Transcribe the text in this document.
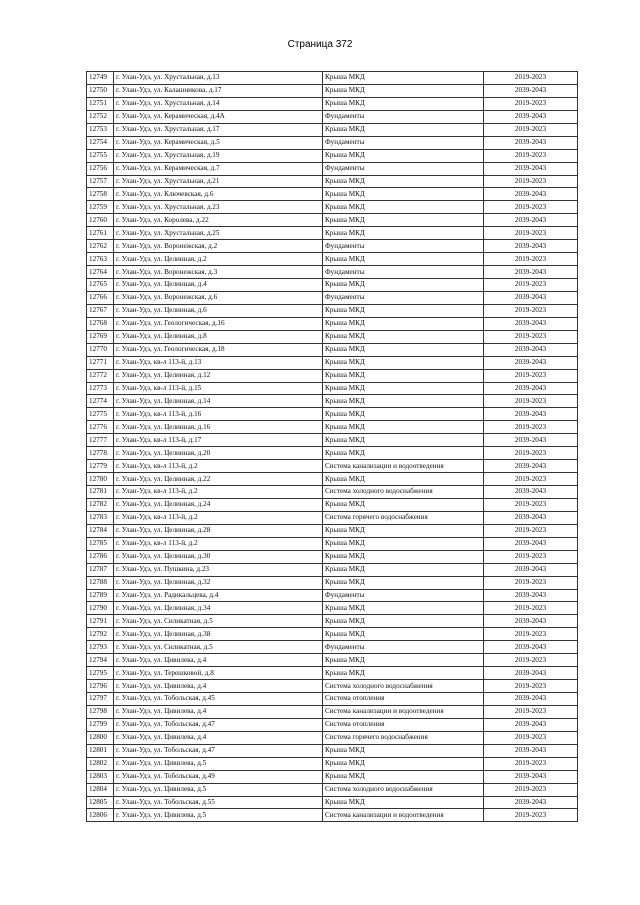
Страница 372
12749	г. Улан-Удэ, ул. Хрустальная, д.13	Крыша МКД	2019-2023
12750	г. Улан-Удэ, ул. Калашникова, д.17	Крыша МКД	2039-2043
12751	г. Улан-Удэ, ул. Хрустальная, д.14	Крыша МКД	2019-2023
12752	г. Улан-Удэ, ул. Керамическая, д.4А	Фундаменты	2039-2043
12753	г. Улан-Удэ, ул. Хрустальная, д.17	Крыша МКД	2019-2023
12754	г. Улан-Удэ, ул. Керамическая, д.5	Фундаменты	2039-2043
12755	г. Улан-Удэ, ул. Хрустальная, д.19	Крыша МКД	2019-2023
12756	г. Улан-Удэ, ул. Керамическая, д.7	Фундаменты	2039-2043
12757	г. Улан-Удэ, ул. Хрустальная, д.21	Крыша МКД	2019-2023
12758	г. Улан-Удэ, ул. Ключевская, д.6	Крыша МКД	2039-2043
12759	г. Улан-Удэ, ул. Хрустальная, д.23	Крыша МКД	2019-2023
12760	г. Улан-Удэ, ул. Королева, д.22	Крыша МКД	2039-2043
12761	г. Улан-Удэ, ул. Хрустальная, д.25	Крыша МКД	2019-2023
12762	г. Улан-Удэ, ул. Воронежская, д.2	Фундаменты	2039-2043
12763	г. Улан-Удэ, ул. Целинная, д.2	Крыша МКД	2019-2023
12764	г. Улан-Удэ, ул. Воронежская, д.3	Фундаменты	2039-2043
12765	г. Улан-Удэ, ул. Целинная, д.4	Крыша МКД	2019-2023
12766	г. Улан-Удэ, ул. Воронежская, д.6	Фундаменты	2039-2043
12767	г. Улан-Удэ, ул. Целинная, д.6	Крыша МКД	2019-2023
12768	г. Улан-Удэ, ул. Геологическая, д.16	Крыша МКД	2039-2043
12769	г. Улан-Удэ, ул. Целинная, д.8	Крыша МКД	2019-2023
12770	г. Улан-Удэ, ул. Геологическая, д.18	Крыша МКД	2039-2043
12771	г. Улан-Удэ, кв-л 113-й, д.13	Крыша МКД	2039-2043
12772	г. Улан-Удэ, ул. Целинная, д.12	Крыша МКД	2019-2023
12773	г. Улан-Удэ, кв-л 113-й, д.15	Крыша МКД	2039-2043
12774	г. Улан-Удэ, ул. Целинная, д.14	Крыша МКД	2019-2023
12775	г. Улан-Удэ, кв-л 113-й, д.16	Крыша МКД	2039-2043
12776	г. Улан-Удэ, ул. Целинная, д.16	Крыша МКД	2019-2023
12777	г. Улан-Удэ, кв-л 113-й, д.17	Крыша МКД	2039-2043
12778	г. Улан-Удэ, ул. Целинная, д.20	Крыша МКД	2019-2023
12779	г. Улан-Удэ, кв-л 113-й, д.2	Система канализации и водоотведения	2039-2043
12780	г. Улан-Удэ, ул. Целинная, д.22	Крыша МКД	2019-2023
12781	г. Улан-Удэ, кв-л 113-й, д.2	Система холодного водоснабжения	2039-2043
12782	г. Улан-Удэ, ул. Целинная, д.24	Крыша МКД	2019-2023
12783	г. Улан-Удэ, кв-л 113-й, д.2	Система горячего водоснабжения	2039-2043
12784	г. Улан-Удэ, ул. Целинная, д.28	Крыша МКД	2019-2023
12785	г. Улан-Удэ, кв-л 113-й, д.2	Крыша МКД	2039-2043
12786	г. Улан-Удэ, ул. Целинная, д.30	Крыша МКД	2019-2023
12787	г. Улан-Удэ, ул. Пушкина, д.23	Крыша МКД	2039-2043
12788	г. Улан-Удэ, ул. Целинная, д.32	Крыша МКД	2019-2023
12789	г. Улан-Удэ, ул. Радикальцева, д.4	Фундаменты	2039-2043
12790	г. Улан-Удэ, ул. Целинная, д.34	Крыша МКД	2019-2023
12791	г. Улан-Удэ, ул. Силикатная, д.5	Крыша МКД	2039-2043
12792	г. Улан-Удэ, ул. Целинная, д.38	Крыша МКД	2019-2023
12793	г. Улан-Удэ, ул. Силикатная, д.5	Фундаменты	2039-2043
12794	г. Улан-Удэ, ул. Цивилева, д.4	Крыша МКД	2019-2023
12795	г. Улан-Удэ, ул. Терешковой, д.8	Крыша МКД	2039-2043
12796	г. Улан-Удэ, ул. Цивилева, д.4	Система холодного водоснабжения	2019-2023
12797	г. Улан-Удэ, ул. Тобольская, д.45	Система отопления	2039-2043
12798	г. Улан-Удэ, ул. Цивилева, д.4	Система канализации и водоотведения	2019-2023
12799	г. Улан-Удэ, ул. Тобольская, д.47	Система отопления	2039-2043
12800	г. Улан-Удэ, ул. Цивилева, д.4	Система горячего водоснабжения	2019-2023
12801	г. Улан-Удэ, ул. Тобольская, д.47	Крыша МКД	2039-2043
12802	г. Улан-Удэ, ул. Цивилева, д.5	Крыша МКД	2019-2023
12803	г. Улан-Удэ, ул. Тобольская, д.49	Крыша МКД	2039-2043
12804	г. Улан-Удэ, ул. Цивилева, д.5	Система холодного водоснабжения	2019-2023
12805	г. Улан-Удэ, ул. Тобольская, д.55	Крыша МКД	2039-2043
12806	г. Улан-Удэ, ул. Цивилева, д.5	Система канализации и водоотведения	2019-2023
